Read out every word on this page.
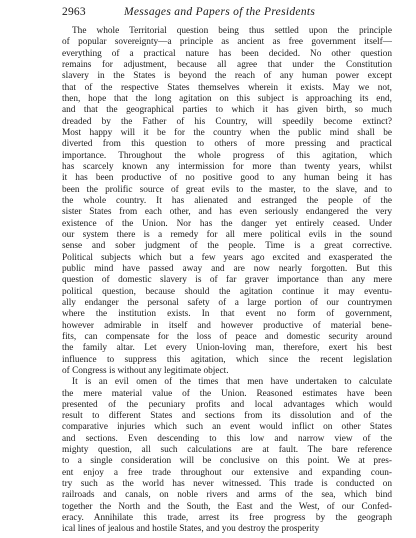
2963	Messages and Papers of the Presidents
The whole Territorial question being thus settled upon the principle
of popular sovereignty—a principle as ancient as free government itself—
everything of a practical nature has been decided. No other question
remains for adjustment, because all agree that under the Constitution
slavery in the States is beyond the reach of any human power except
that of the respective States themselves wherein it exists. May we not,
then, hope that the long agitation on this subject is approaching its end,
and that the geographical parties to which it has given birth, so much
dreaded by the Father of his Country, will speedily become extinct?
Most happy will it be for the country when the public mind shall be
diverted from this question to others of more pressing and practical
importance. Throughout the whole progress of this agitation, which
has scarcely known any intermission for more than twenty years, whilst
it has been productive of no positive good to any human being it has
been the prolific source of great evils to the master, to the slave, and to
the whole country. It has alienated and estranged the people of the
sister States from each other, and has even seriously endangered the very
existence of the Union. Nor has the danger yet entirely ceased. Under
our system there is a remedy for all mere political evils in the sound
sense and sober judgment of the people. Time is a great corrective.
Political subjects which but a few years ago excited and exasperated the
public mind have passed away and are now nearly forgotten. But this
question of domestic slavery is of far graver importance than any mere
political question, because should the agitation continue it may eventu-
ally endanger the personal safety of a large portion of our countrymen
where the institution exists. In that event no form of government,
however admirable in itself and however productive of material bene-
fits, can compensate for the loss of peace and domestic security around
the family altar. Let every Union-loving man, therefore, exert his best
influence to suppress this agitation, which since the recent legislation
of Congress is without any legitimate object.
It is an evil omen of the times that men have undertaken to calculate
the mere material value of the Union. Reasoned estimates have been
presented of the pecuniary profits and local advantages which would
result to different States and sections from its dissolution and of the
comparative injuries which such an event would inflict on other States
and sections. Even descending to this low and narrow view of the
mighty question, all such calculations are at fault. The bare reference
to a single consideration will be conclusive on this point. We at pres-
ent enjoy a free trade throughout our extensive and expanding coun-
try such as the world has never witnessed. This trade is conducted on
railroads and canals, on noble rivers and arms of the sea, which bind
together the North and the South, the East and the West, of our Confed-
eracy. Annihilate this trade, arrest its free progress by the geograph
ical lines of jealous and hostile States, and you destroy the prosperity
